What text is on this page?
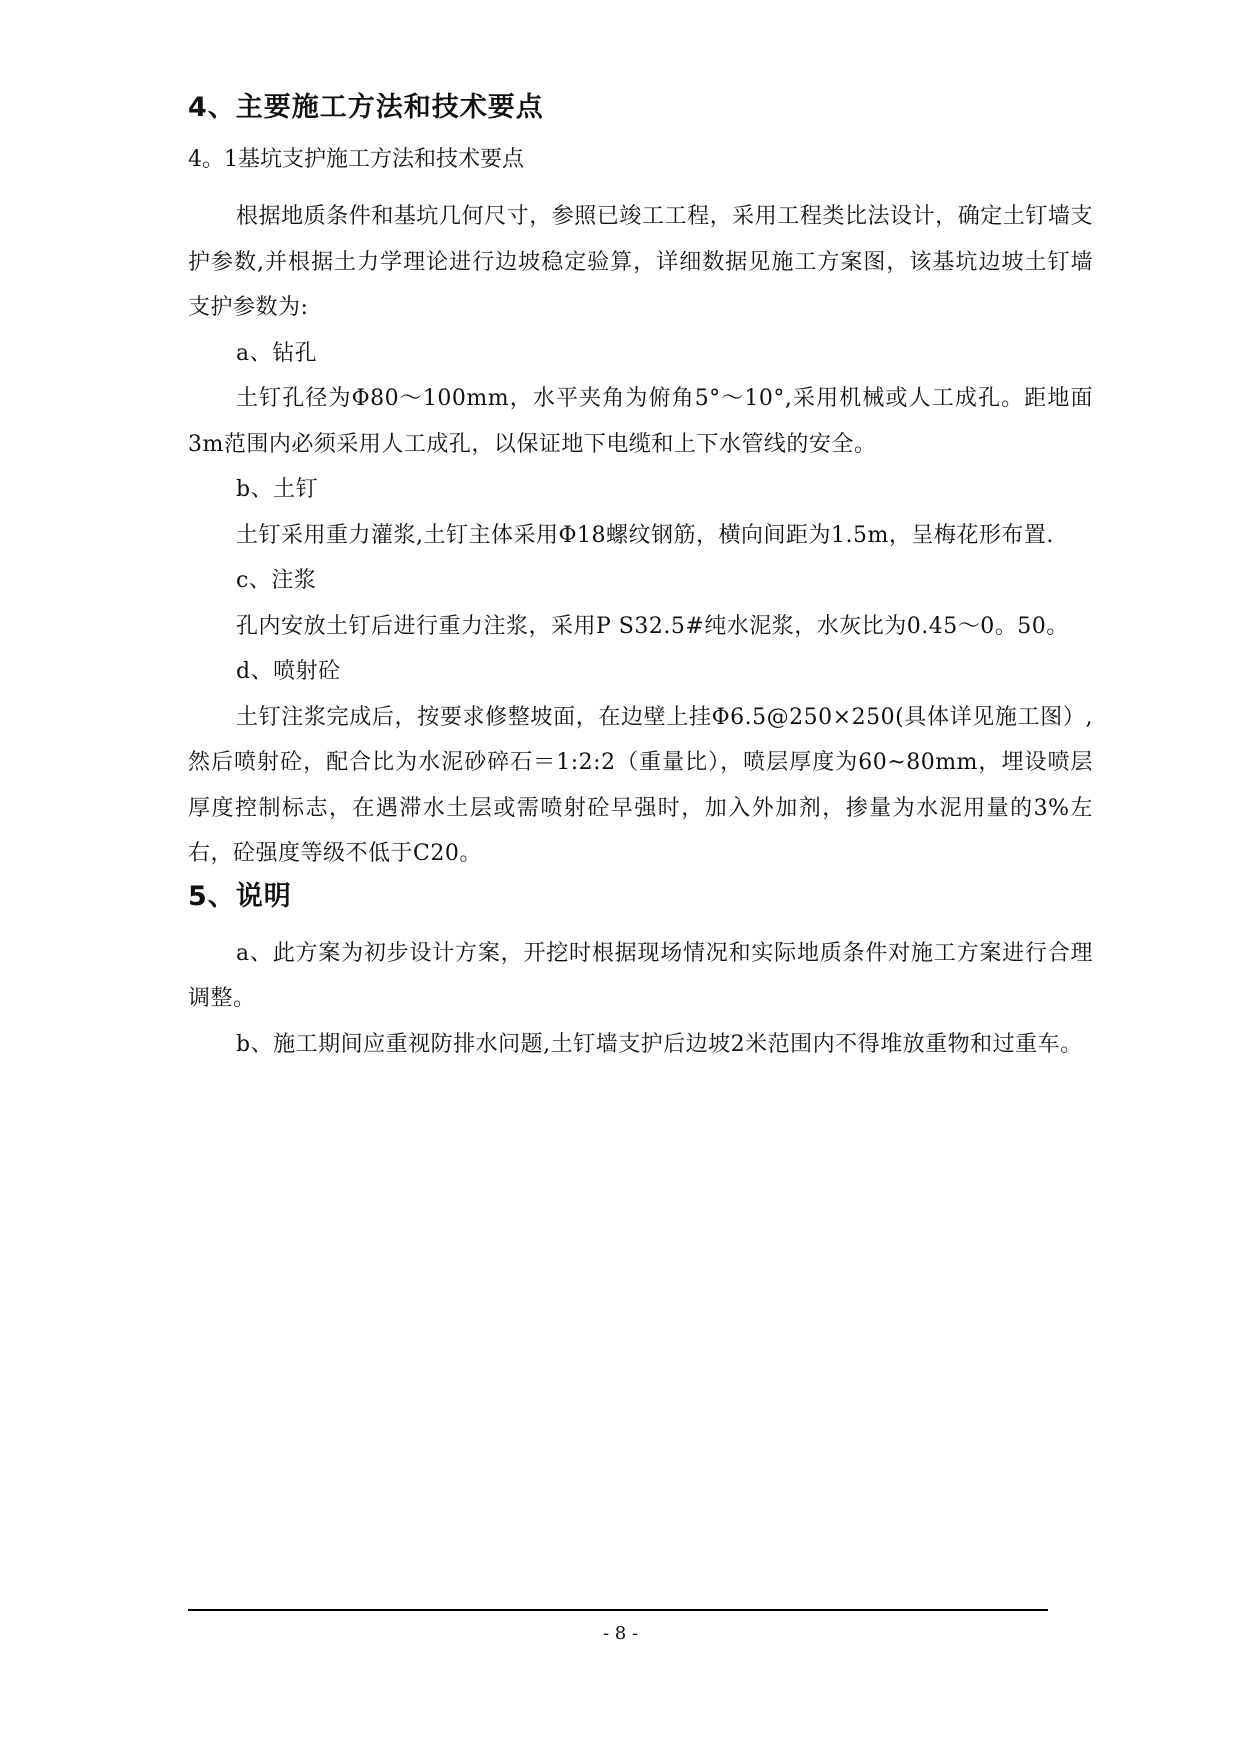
4、主要施工方法和技术要点
4。1基坑支护施工方法和技术要点

根据地质条件和基坑几何尺寸，参照已竣工工程，采用工程类比法设计，确定土钉墙支护参数,并根据土力学理论进行边坡稳定验算，详细数据见施工方案图，该基坑边坡土钉墙支护参数为:

a、钻孔

土钉孔径为Φ80～100mm，水平夹角为俯角5°～10°,采用机械或人工成孔。距地面3m范围内必须采用人工成孔，以保证地下电缆和上下水管线的安全。

b、土钉

土钉采用重力灌浆,土钉主体采用Φ18螺纹钢筋，横向间距为1.5m，呈梅花形布置.

c、注浆

孔内安放土钉后进行重力注浆，采用P S32.5#纯水泥浆，水灰比为0.45～0。50。

d、喷射砼

土钉注浆完成后，按要求修整坡面，在边壁上挂Φ6.5@250×250(具体详见施工图）,然后喷射砼，配合比为水泥砂碎石＝1:2:2（重量比），喷层厚度为60~80mm，埋设喷层厚度控制标志，在遇滞水土层或需喷射砼早强时，加入外加剂，掺量为水泥用量的3%左右，砼强度等级不低于C20。

5、说明

a、此方案为初步设计方案，开挖时根据现场情况和实际地质条件对施工方案进行合理调整。

b、施工期间应重视防排水问题,土钉墙支护后边坡2米范围内不得堆放重物和过重车。

- 8 -
